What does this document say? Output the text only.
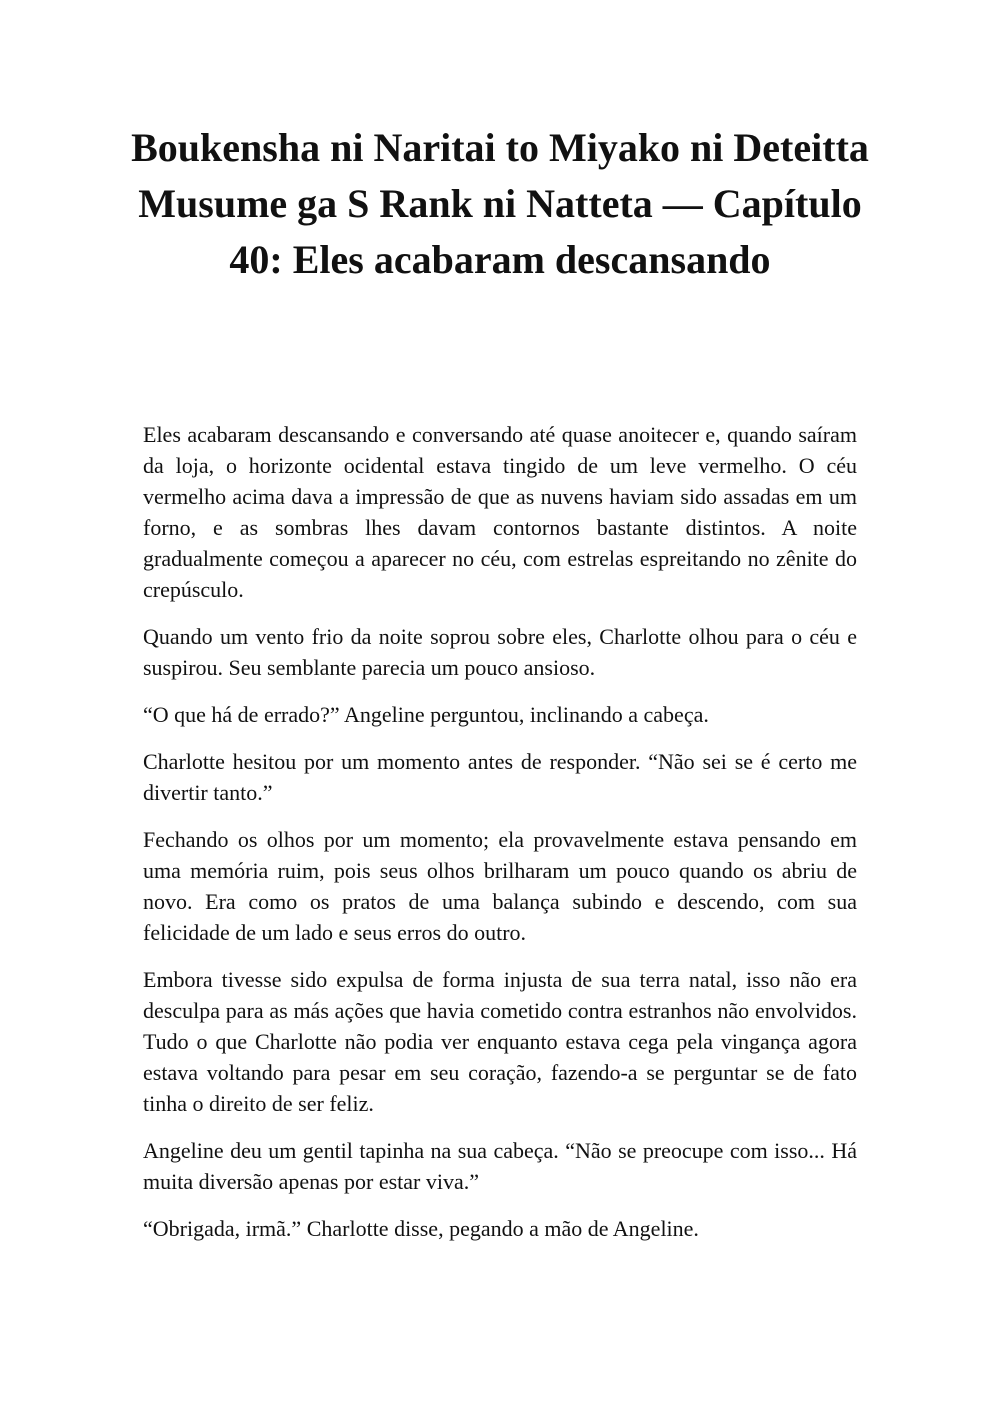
Boukensha ni Naritai to Miyako ni Deteitta Musume ga S Rank ni Natteta — Capítulo 40: Eles acabaram descansando

Eles acabaram descansando e conversando até quase anoitecer e, quando saíram da loja, o horizonte ocidental estava tingido de um leve vermelho. O céu vermelho acima dava a impressão de que as nuvens haviam sido assadas em um forno, e as sombras lhes davam contornos bastante distintos. A noite gradualmente começou a aparecer no céu, com estrelas espreitando no zênite do crepúsculo.

Quando um vento frio da noite soprou sobre eles, Charlotte olhou para o céu e suspirou. Seu semblante parecia um pouco ansioso.

“O que há de errado?” Angeline perguntou, inclinando a cabeça.

Charlotte hesitou por um momento antes de responder. “Não sei se é certo me divertir tanto.”

Fechando os olhos por um momento; ela provavelmente estava pensando em uma memória ruim, pois seus olhos brilharam um pouco quando os abriu de novo. Era como os pratos de uma balança subindo e descendo, com sua felicidade de um lado e seus erros do outro.

Embora tivesse sido expulsa de forma injusta de sua terra natal, isso não era desculpa para as más ações que havia cometido contra estranhos não envolvidos. Tudo o que Charlotte não podia ver enquanto estava cega pela vingança agora estava voltando para pesar em seu coração, fazendo-a se perguntar se de fato tinha o direito de ser feliz.

Angeline deu um gentil tapinha na sua cabeça. “Não se preocupe com isso... Há muita diversão apenas por estar viva.”

“Obrigada, irmã.” Charlotte disse, pegando a mão de Angeline.
